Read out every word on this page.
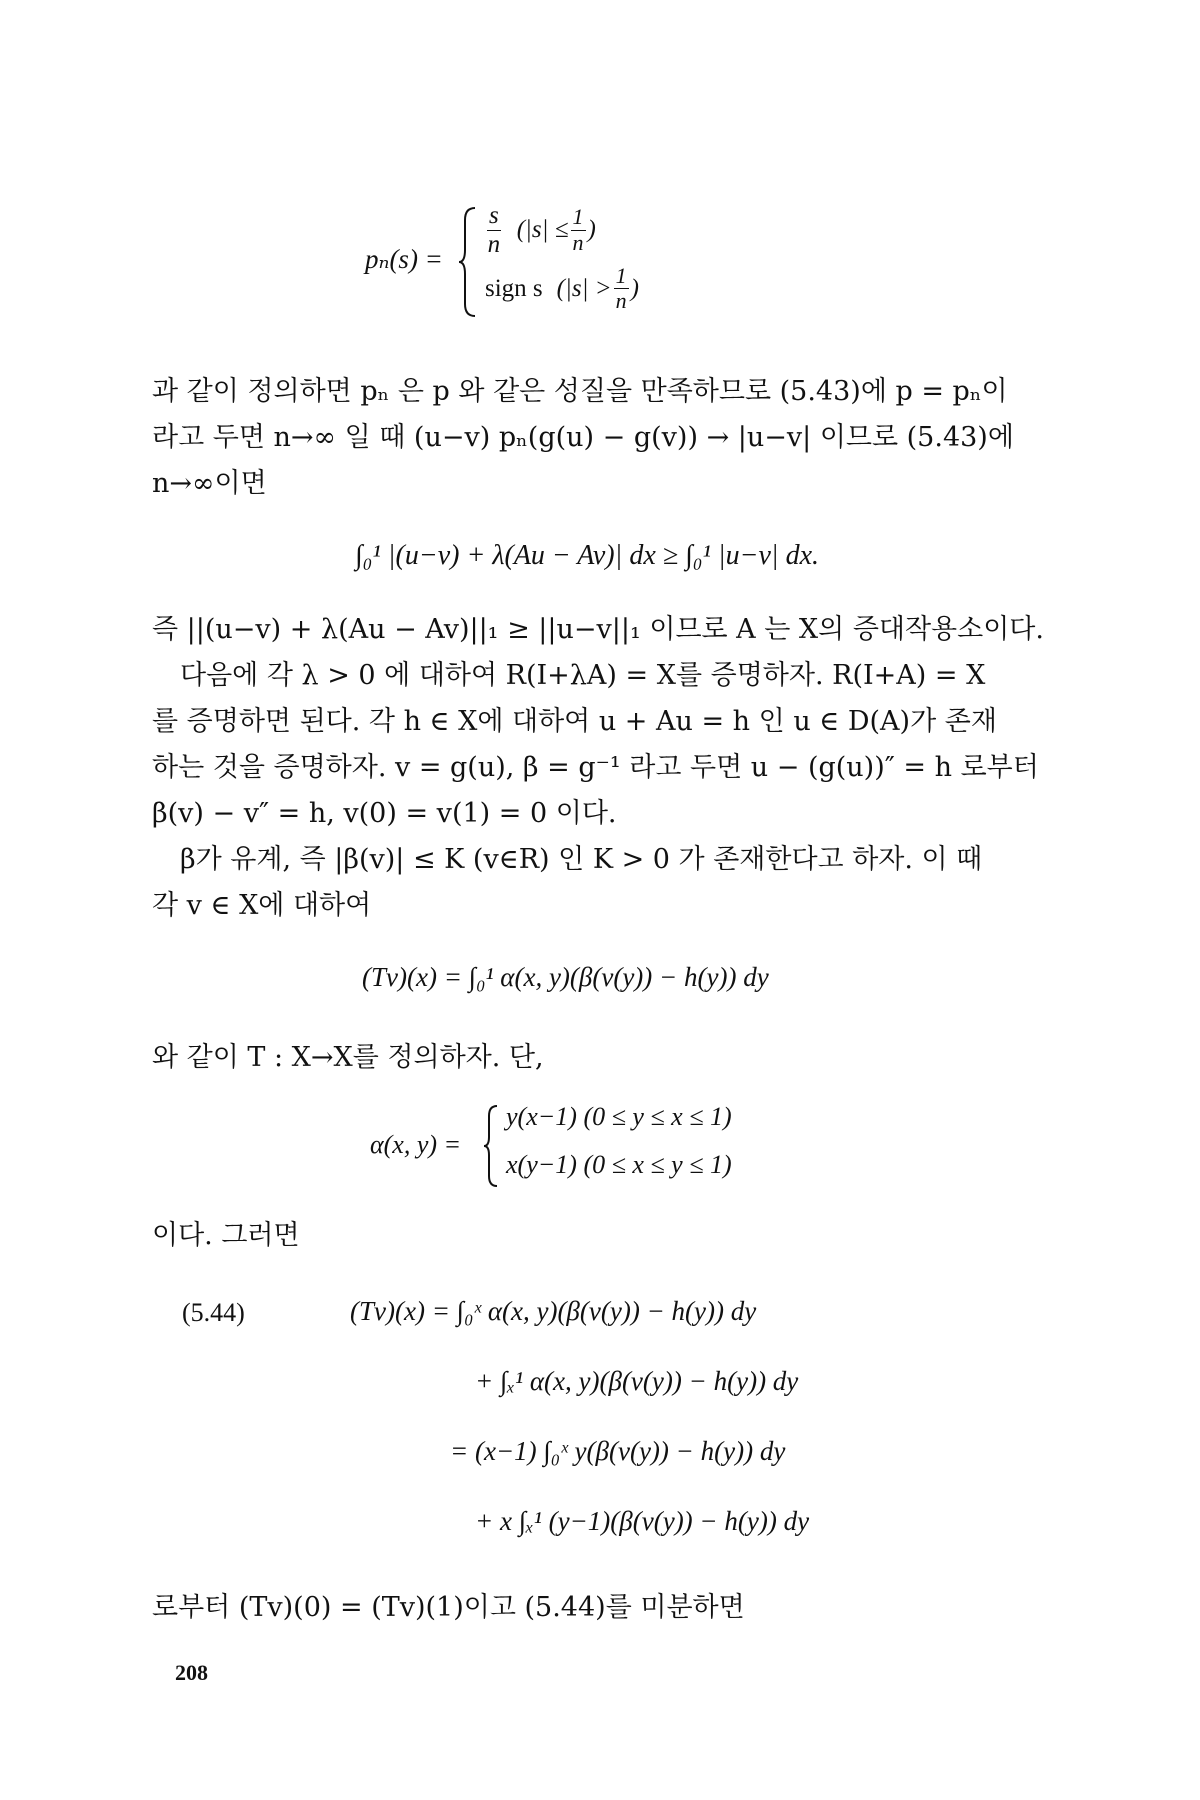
pₙ(s) =
$\frac{s}{n} (|s| \le \frac{1}{n}$ )
sign s ($|s| > \frac{1}{n}$ )
과 같이 정의하면 pₙ 은 p 와 같은 성질을 만족하므로 (5.43)에 p = pₙ이
라고 두면 n→∞ 일 때 (u−v) pₙ(g(u) − g(v)) → |u−v| 이므로 (5.43)에
n→∞이면
∫₀¹ |(u−v) + λ(Au − Av)| dx ≥ ∫₀¹ |u−v| dx.
즉 ||(u−v) + λ(Au − Av)||₁ ≥ ||u−v||₁ 이므로 A 는 X의 증대작용소이다.
다음에 각 λ > 0 에 대하여 R(I+λA) = X를 증명하자. R(I+A) = X
를 증명하면 된다. 각 h ∈ X에 대하여 u + Au = h 인 u ∈ D(A)가 존재
하는 것을 증명하자. v = g(u), β = g⁻¹ 라고 두면 u − (g(u))″ = h 로부터
β(v) − v″ = h, v(0) = v(1) = 0 이다.
β가 유계, 즉 |β(v)| ≤ K (v∈R) 인 K > 0 가 존재한다고 하자. 이 때
각 v ∈ X에 대하여
(Tv)(x) = ∫₀¹ α(x, y)(β(v(y)) − h(y)) dy
와 같이 T : X→X를 정의하자. 단,
α(x, y) =
y(x−1) (0 ≤ y ≤ x ≤ 1)
x(y−1) (0 ≤ x ≤ y ≤ 1)
이다. 그러면
(5.44)	(Tv)(x) = ∫₀ˣ α(x, y)(β(v(y)) − h(y)) dy
+ ∫ₓ¹ α(x, y)(β(v(y)) − h(y)) dy
= (x−1) ∫₀ˣ y(β(v(y)) − h(y)) dy
+ x ∫ₓ¹ (y−1)(β(v(y)) − h(y)) dy
로부터 (Tv)(0) = (Tv)(1)이고 (5.44)를 미분하면
208
